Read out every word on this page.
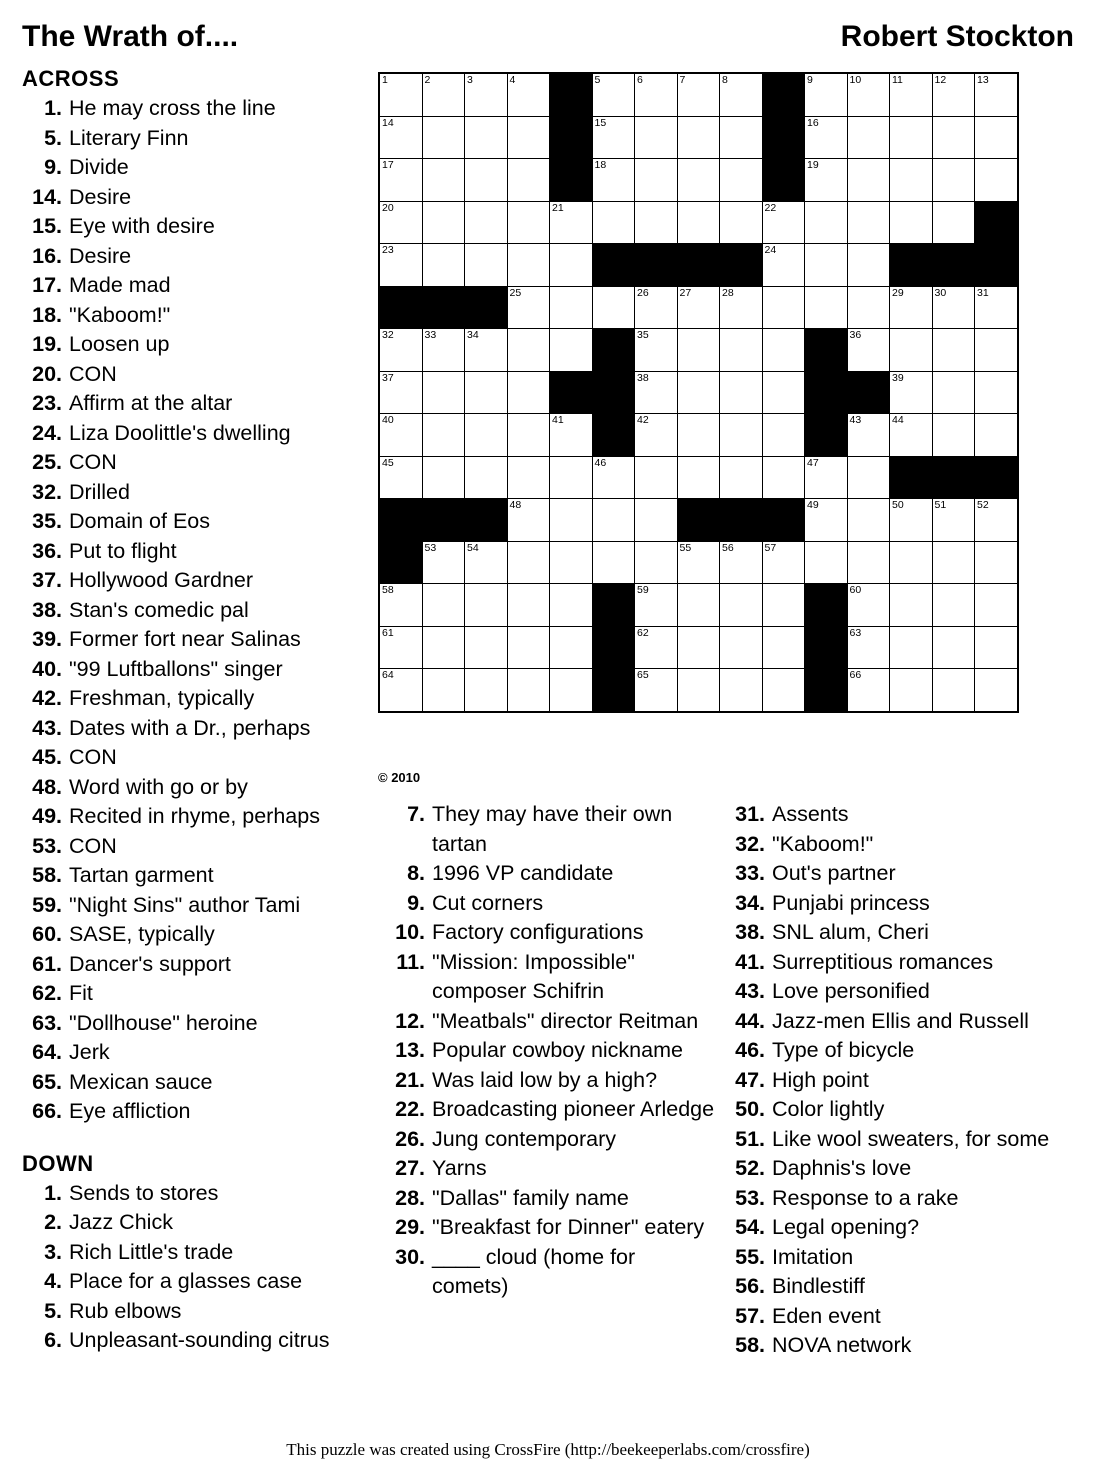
The Wrath of....	Robert Stockton
ACROSS
1. He may cross the line
5. Literary Finn
9. Divide
14. Desire
15. Eye with desire
16. Desire
17. Made mad
18. "Kaboom!"
19. Loosen up
20. CON
23. Affirm at the altar
24. Liza Doolittle's dwelling
25. CON
32. Drilled
35. Domain of Eos
36. Put to flight
37. Hollywood Gardner
38. Stan's comedic pal
39. Former fort near Salinas
40. "99 Luftballons" singer
42. Freshman, typically
43. Dates with a Dr., perhaps
45. CON
48. Word with go or by
49. Recited in rhyme, perhaps
53. CON
58. Tartan garment
59. "Night Sins" author Tami
60. SASE, typically
61. Dancer's support
62. Fit
63. "Dollhouse" heroine
64. Jerk
65. Mexican sauce
66. Eye affliction
DOWN
1. Sends to stores
2. Jazz Chick
3. Rich Little's trade
4. Place for a glasses case
5. Rub elbows
6. Unpleasant-sounding citrus
1	2	3	4		5	6	7	8		9	10	11	12	13

14					15					16				

17					18					19				

20				21					22					

23									24					

			25			26	27	28				29	30	31

32	33	34				35					36			

37						38						39		

40				41		42					43	44		

45					46					47				

			48							49		50	51	52

	53	54					55	56	57					

58						59					60			

61						62					63			

64						65					66			

© 2010
7. They may have their own tartan
8. 1996 VP candidate
9. Cut corners
10. Factory configurations
11. "Mission: Impossible" composer Schifrin
12. "Meatbals" director Reitman
13. Popular cowboy nickname
21. Was laid low by a high?
22. Broadcasting pioneer Arledge
26. Jung contemporary
27. Yarns
28. "Dallas" family name
29. "Breakfast for Dinner" eatery
30. ____ cloud (home for comets)
31. Assents
32. "Kaboom!"
33. Out's partner
34. Punjabi princess
38. SNL alum, Cheri
41. Surreptitious romances
43. Love personified
44. Jazz-men Ellis and Russell
46. Type of bicycle
47. High point
50. Color lightly
51. Like wool sweaters, for some
52. Daphnis's love
53. Response to a rake
54. Legal opening?
55. Imitation
56. Bindlestiff
57. Eden event
58. NOVA network
This puzzle was created using CrossFire (http://beekeeperlabs.com/crossfire)
